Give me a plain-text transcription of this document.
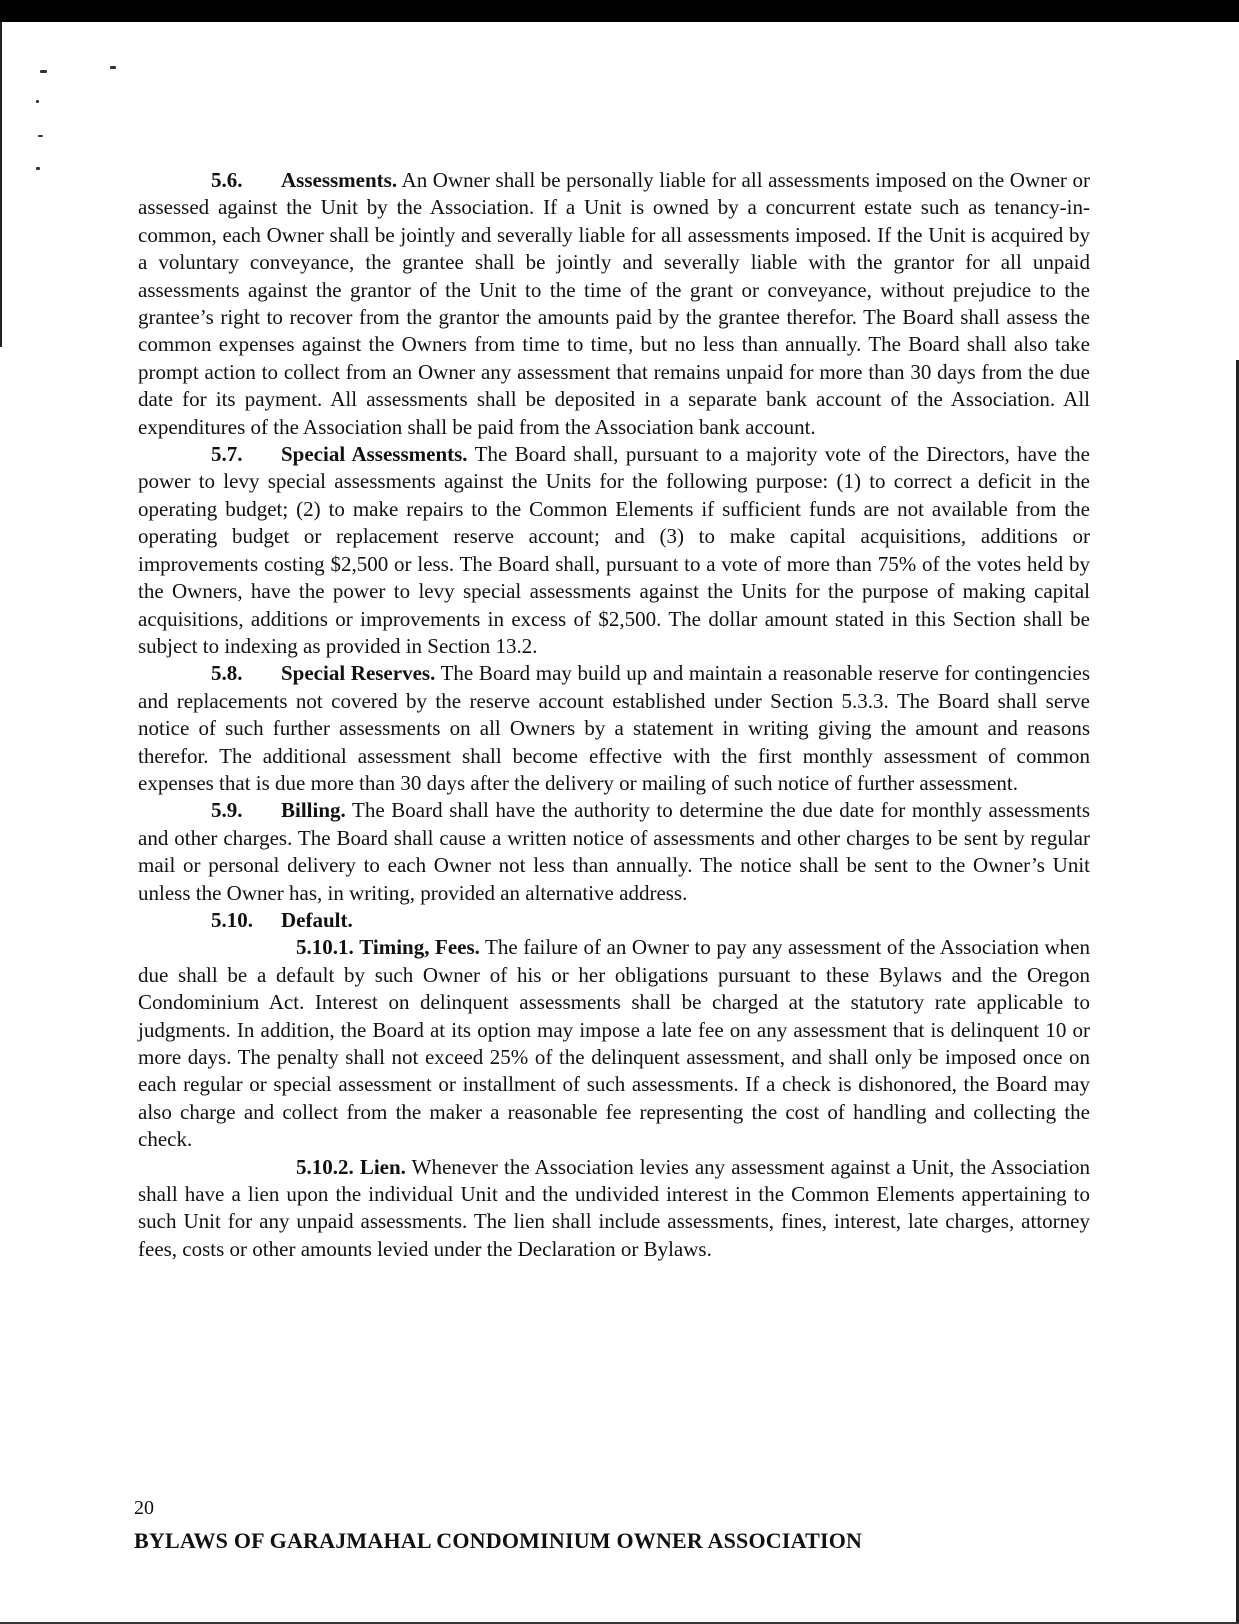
5.6. Assessments. An Owner shall be personally liable for all assessments imposed on the Owner or assessed against the Unit by the Association. If a Unit is owned by a concurrent estate such as tenancy-in-common, each Owner shall be jointly and severally liable for all assessments imposed. If the Unit is acquired by a voluntary conveyance, the grantee shall be jointly and severally liable with the grantor for all unpaid assessments against the grantor of the Unit to the time of the grant or conveyance, without prejudice to the grantee’s right to recover from the grantor the amounts paid by the grantee therefor. The Board shall assess the common expenses against the Owners from time to time, but no less than annually. The Board shall also take prompt action to collect from an Owner any assessment that remains unpaid for more than 30 days from the due date for its payment. All assessments shall be deposited in a separate bank account of the Association. All expenditures of the Association shall be paid from the Association bank account.

5.7. Special Assessments. The Board shall, pursuant to a majority vote of the Directors, have the power to levy special assessments against the Units for the following purpose: (1) to correct a deficit in the operating budget; (2) to make repairs to the Common Elements if sufficient funds are not available from the operating budget or replacement reserve account; and (3) to make capital acquisitions, additions or improvements costing $2,500 or less. The Board shall, pursuant to a vote of more than 75% of the votes held by the Owners, have the power to levy special assessments against the Units for the purpose of making capital acquisitions, additions or improvements in excess of $2,500. The dollar amount stated in this Section shall be subject to indexing as provided in Section 13.2.

5.8. Special Reserves. The Board may build up and maintain a reasonable reserve for contingencies and replacements not covered by the reserve account established under Section 5.3.3. The Board shall serve notice of such further assessments on all Owners by a statement in writing giving the amount and reasons therefor. The additional assessment shall become effective with the first monthly assessment of common expenses that is due more than 30 days after the delivery or mailing of such notice of further assessment.

5.9. Billing. The Board shall have the authority to determine the due date for monthly assessments and other charges. The Board shall cause a written notice of assessments and other charges to be sent by regular mail or personal delivery to each Owner not less than annually. The notice shall be sent to the Owner’s Unit unless the Owner has, in writing, provided an alternative address.

5.10. Default.

5.10.1. Timing, Fees. The failure of an Owner to pay any assessment of the Association when due shall be a default by such Owner of his or her obligations pursuant to these Bylaws and the Oregon Condominium Act. Interest on delinquent assessments shall be charged at the statutory rate applicable to judgments. In addition, the Board at its option may impose a late fee on any assessment that is delinquent 10 or more days. The penalty shall not exceed 25% of the delinquent assessment, and shall only be imposed once on each regular or special assessment or installment of such assessments. If a check is dishonored, the Board may also charge and collect from the maker a reasonable fee representing the cost of handling and collecting the check.

5.10.2. Lien. Whenever the Association levies any assessment against a Unit, the Association shall have a lien upon the individual Unit and the undivided interest in the Common Elements appertaining to such Unit for any unpaid assessments. The lien shall include assessments, fines, interest, late charges, attorney fees, costs or other amounts levied under the Declaration or Bylaws.

20
BYLAWS OF GARAJMAHAL CONDOMINIUM OWNER ASSOCIATION
